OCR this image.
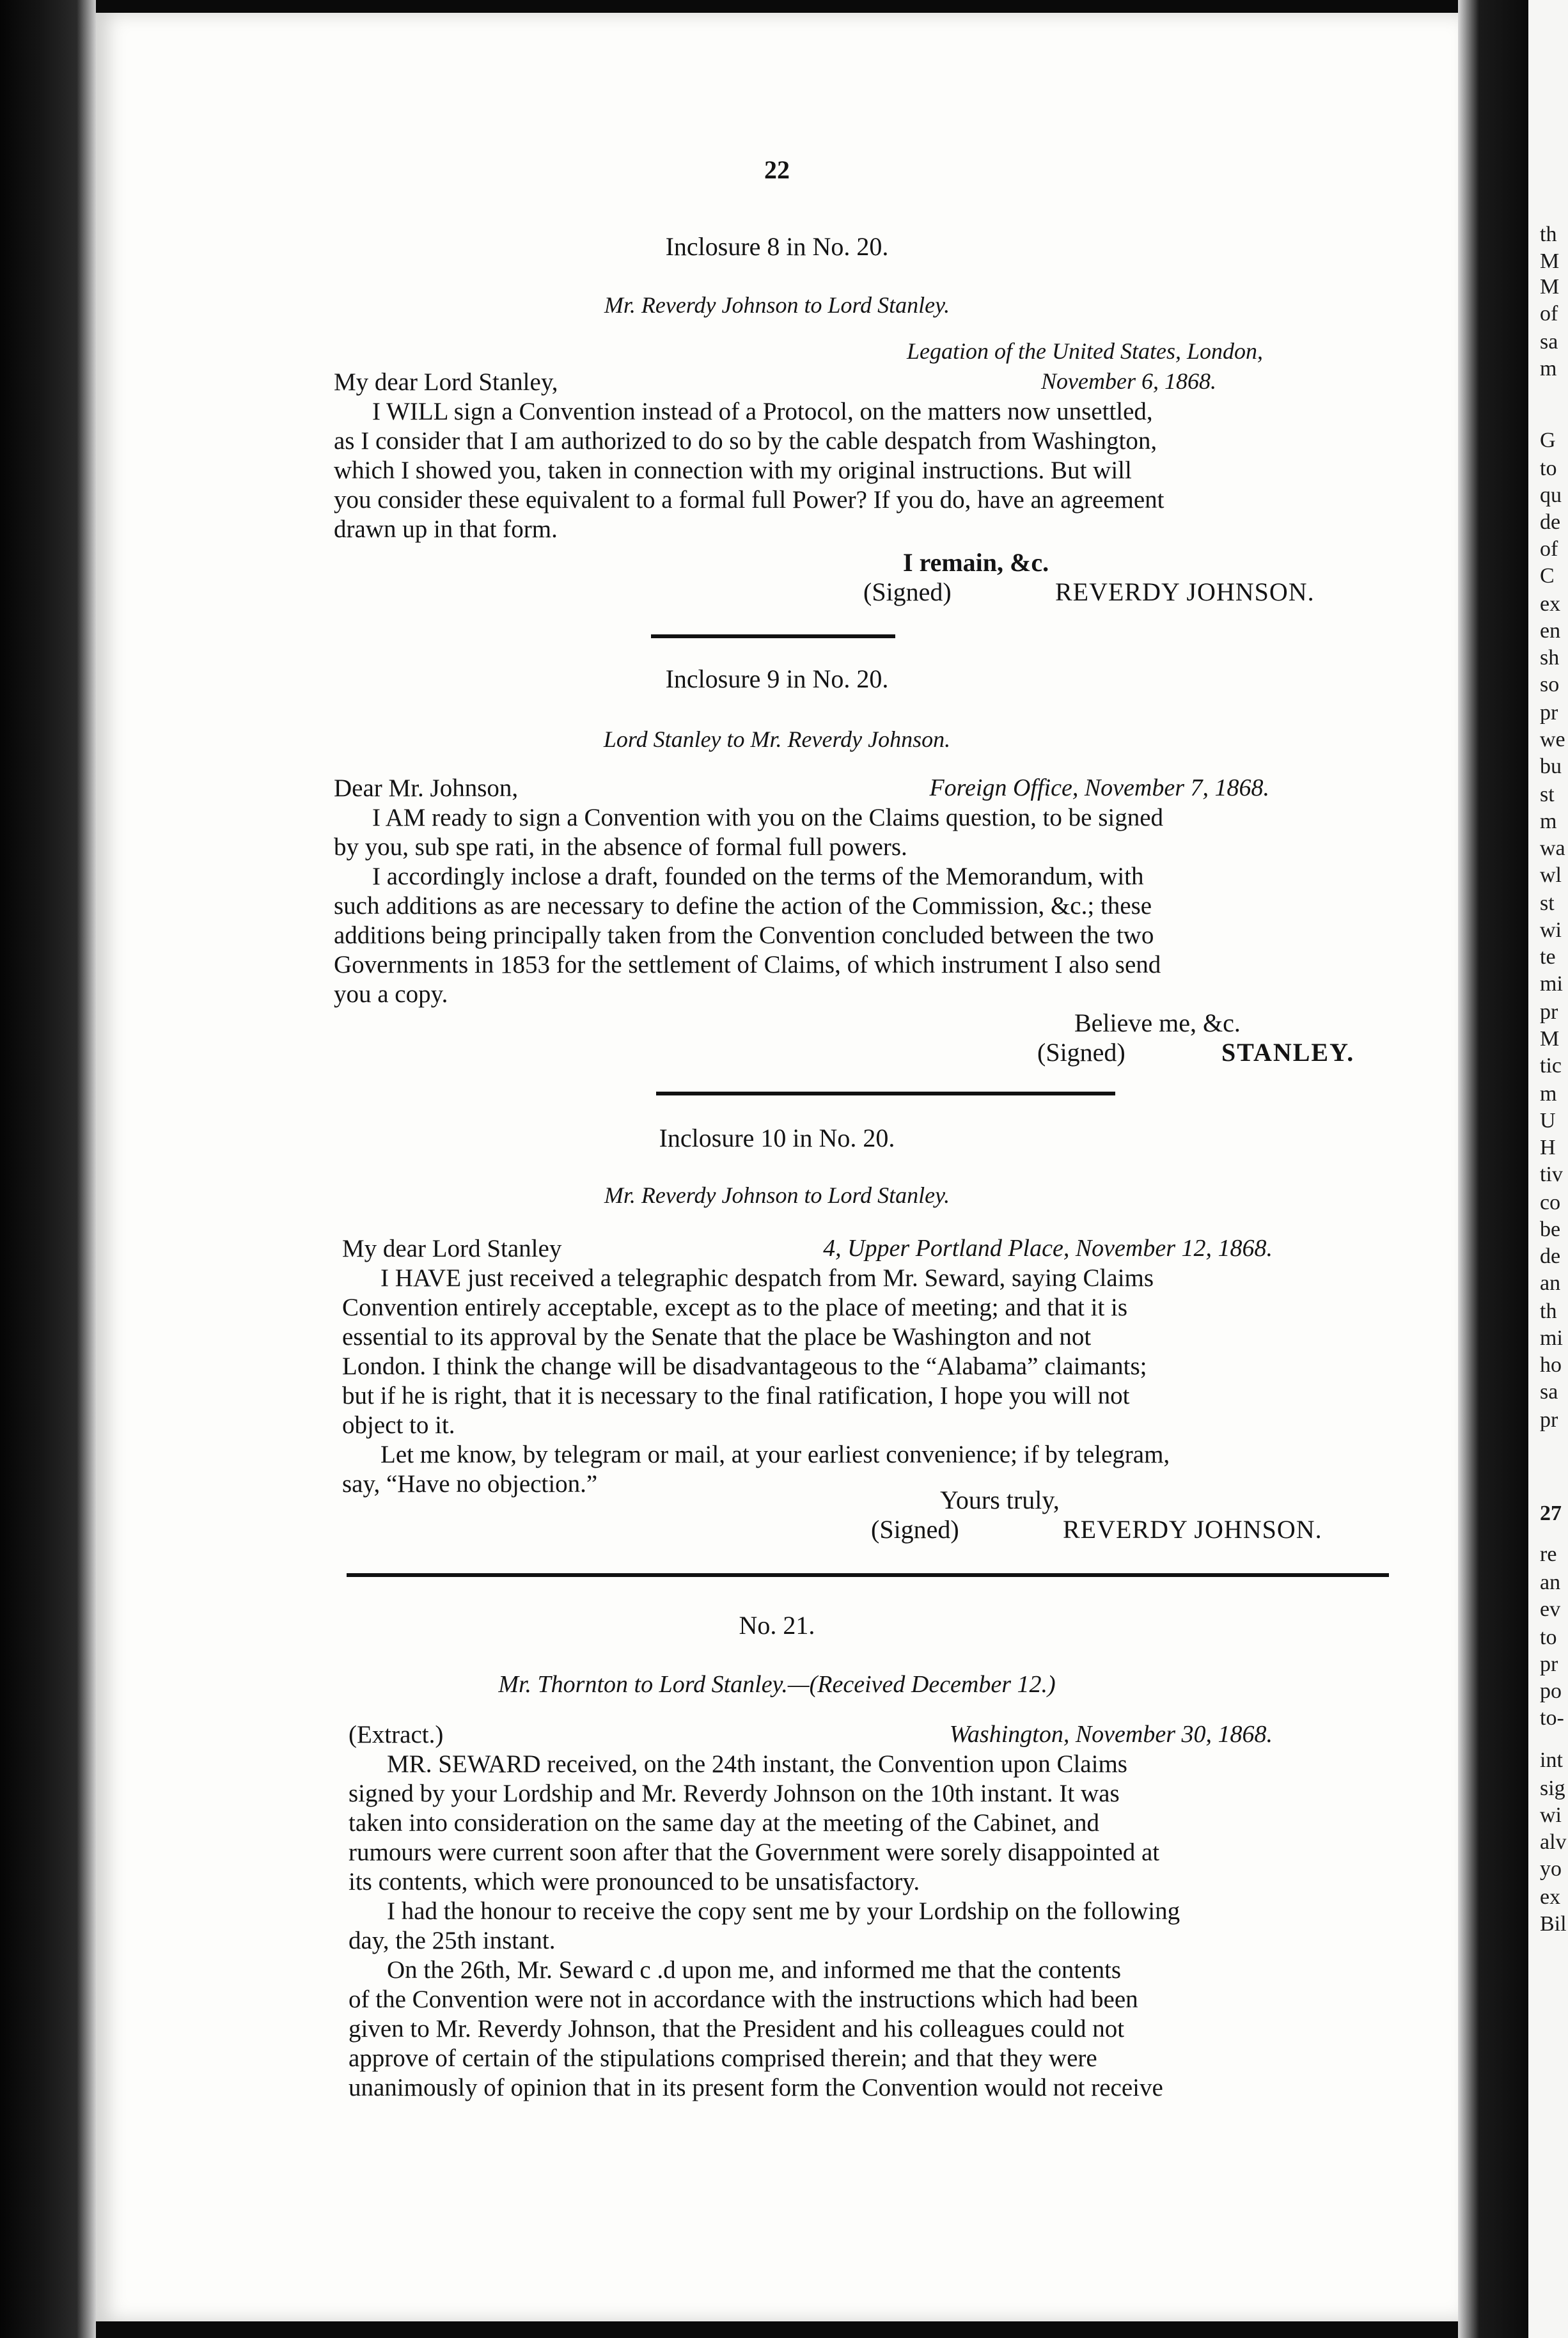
th
M
M
of
sa
m
G
to
qu
de
of
C
ex
en
sh
so
pr
we
bu
st
m
wa
wl
st
wi
te
mi
pr
M
tic
m
U
H
tiv
co
be
de
an
th
mi
ho
sa
pr
27
re
an
ev
to
pr
po
to-
int
sig
wi
alv
yo
ex
Bil
22
Inclosure 8 in No. 20.
Mr. Reverdy Johnson to Lord Stanley.
Legation of the United States, London,
November 6, 1868.
My dear Lord Stanley,
I WILL sign a Convention instead of a Protocol, on the matters now unsettled,
as I consider that I am authorized to do so by the cable despatch from Washington,
which I showed you, taken in connection with my original instructions. But will
you consider these equivalent to a formal full Power? If you do, have an agreement
drawn up in that form.
I remain, &c.
(Signed)	REVERDY JOHNSON.
Inclosure 9 in No. 20.
Lord Stanley to Mr. Reverdy Johnson.
Dear Mr. Johnson,	Foreign Office, November 7, 1868.
I AM ready to sign a Convention with you on the Claims question, to be signed
by you, sub spe rati, in the absence of formal full powers.
I accordingly inclose a draft, founded on the terms of the Memorandum, with
such additions as are necessary to define the action of the Commission, &c.; these
additions being principally taken from the Convention concluded between the two
Governments in 1853 for the settlement of Claims, of which instrument I also send
you a copy.
Believe me, &c.
(Signed)	STANLEY.
Inclosure 10 in No. 20.
Mr. Reverdy Johnson to Lord Stanley.
My dear Lord Stanley	4, Upper Portland Place, November 12, 1868.
I HAVE just received a telegraphic despatch from Mr. Seward, saying Claims
Convention entirely acceptable, except as to the place of meeting; and that it is
essential to its approval by the Senate that the place be Washington and not
London. I think the change will be disadvantageous to the “Alabama” claimants;
but if he is right, that it is necessary to the final ratification, I hope you will not
object to it.
Let me know, by telegram or mail, at your earliest convenience; if by telegram,
say, “Have no objection.”
Yours truly,
(Signed)	REVERDY JOHNSON.
No. 21.
Mr. Thornton to Lord Stanley.—(Received December 12.)
(Extract.)	Washington, November 30, 1868.
MR. SEWARD received, on the 24th instant, the Convention upon Claims
signed by your Lordship and Mr. Reverdy Johnson on the 10th instant. It was
taken into consideration on the same day at the meeting of the Cabinet, and
rumours were current soon after that the Government were sorely disappointed at
its contents, which were pronounced to be unsatisfactory.
I had the honour to receive the copy sent me by your Lordship on the following
day, the 25th instant.
On the 26th, Mr. Seward c .d upon me, and informed me that the contents
of the Convention were not in accordance with the instructions which had been
given to Mr. Reverdy Johnson, that the President and his colleagues could not
approve of certain of the stipulations comprised therein; and that they were
unanimously of opinion that in its present form the Convention would not receive
